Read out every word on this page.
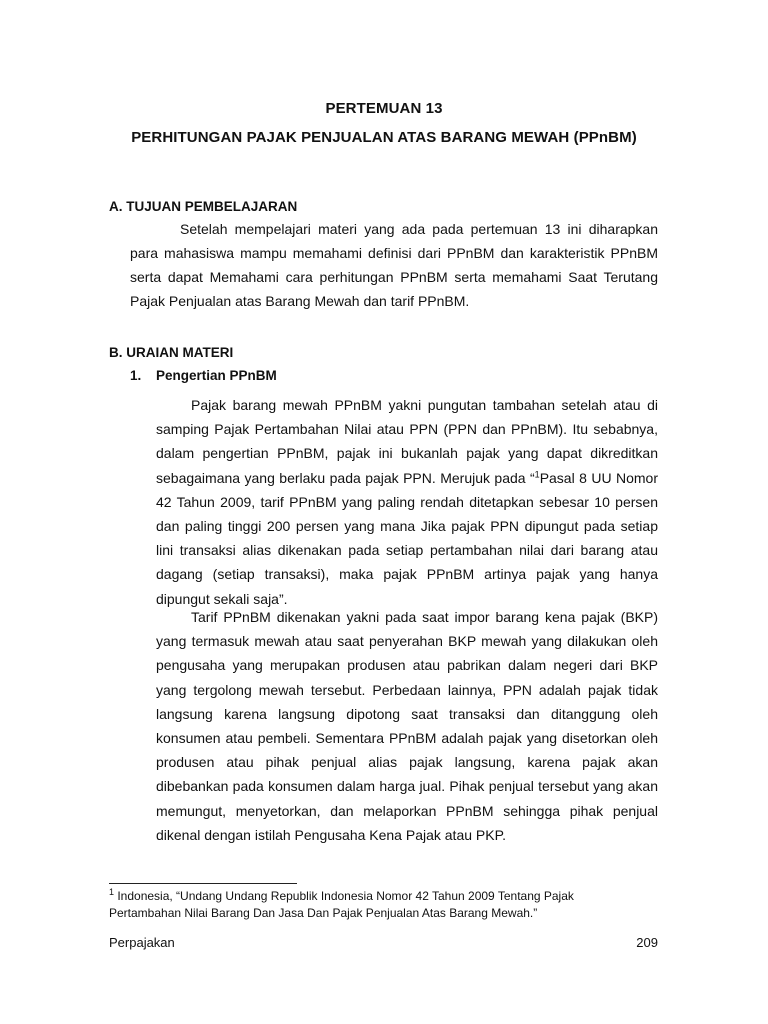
PERTEMUAN 13
PERHITUNGAN PAJAK PENJUALAN ATAS BARANG MEWAH (PPnBM)
A. TUJUAN PEMBELAJARAN

Setelah mempelajari materi yang ada pada pertemuan 13 ini diharapkan para mahasiswa mampu memahami definisi dari PPnBM dan karakteristik PPnBM serta dapat Memahami cara perhitungan PPnBM serta memahami Saat Terutang Pajak Penjualan atas Barang Mewah dan tarif PPnBM.

B. URAIAN MATERI
1. Pengertian PPnBM

Pajak barang mewah PPnBM yakni pungutan tambahan setelah atau di samping Pajak Pertambahan Nilai atau PPN (PPN dan PPnBM). Itu sebabnya, dalam pengertian PPnBM, pajak ini bukanlah pajak yang dapat dikreditkan sebagaimana yang berlaku pada pajak PPN. Merujuk pada “$^1$Pasal 8 UU Nomor 42 Tahun 2009, tarif PPnBM yang paling rendah ditetapkan sebesar 10 persen dan paling tinggi 200 persen yang mana Jika pajak PPN dipungut pada setiap lini transaksi alias dikenakan pada setiap pertambahan nilai dari barang atau dagang (setiap transaksi), maka pajak PPnBM artinya pajak yang hanya dipungut sekali saja”.

Tarif PPnBM dikenakan yakni pada saat impor barang kena pajak (BKP) yang termasuk mewah atau saat penyerahan BKP mewah yang dilakukan oleh pengusaha yang merupakan produsen atau pabrikan dalam negeri dari BKP yang tergolong mewah tersebut. Perbedaan lainnya, PPN adalah pajak tidak langsung karena langsung dipotong saat transaksi dan ditanggung oleh konsumen atau pembeli. Sementara PPnBM adalah pajak yang disetorkan oleh produsen atau pihak penjual alias pajak langsung, karena pajak akan dibebankan pada konsumen dalam harga jual. Pihak penjual tersebut yang akan memungut, menyetorkan, dan melaporkan PPnBM sehingga pihak penjual dikenal dengan istilah Pengusaha Kena Pajak atau PKP.

$^1$ Indonesia, “Undang Undang Republik Indonesia Nomor 42 Tahun 2009 Tentang Pajak Pertambahan Nilai Barang Dan Jasa Dan Pajak Penjualan Atas Barang Mewah.”
Perpajakan	209
